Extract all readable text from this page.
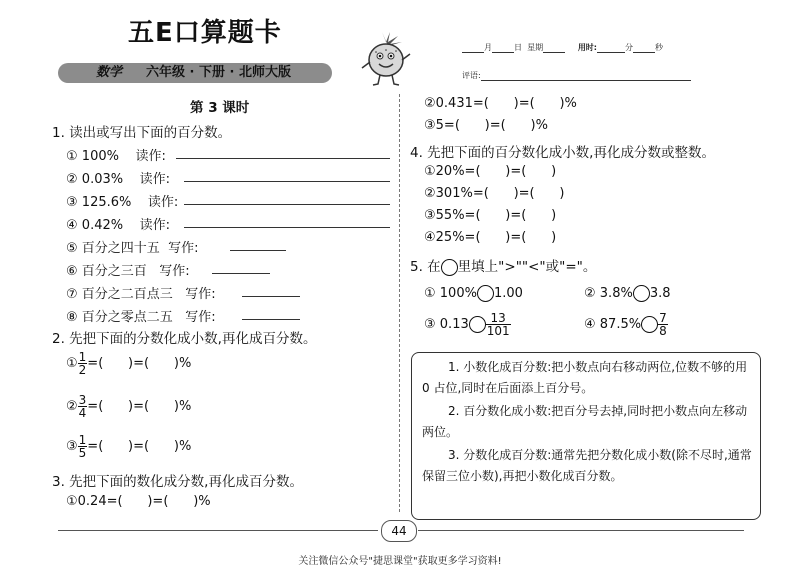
五E口算题卡
数学 六年级 · 下册 · 北师大版
月	日 星期	用时:	分	秒
评语:
第 3 课时
1. 读出或写出下面的百分数。
① 100% 读作:
② 0.03% 读作:
③ 125.6% 读作:
④ 0.42% 读作:
⑤ 百分之四十五 写作:
⑥ 百分之三百 写作:
⑦ 百分之二百点三 写作:
⑧ 百分之零点二五 写作:
2. 先把下面的分数化成小数,再化成百分数。
① $\frac{1}{2}$ =(      )=(      )%
② $\frac{3}{4}$ =(      )=(      )%
③ $\frac{1}{5}$ =(      )=(      )%
3. 先把下面的数化成分数,再化成百分数。
①0.24=(      )=(      )%
②0.431=(      )=(      )%
③5=(      )=(      )%
4. 先把下面的百分数化成小数,再化成分数或整数。
①20%=(      )=(      )
②301%=(      )=(      )
③55%=(      )=(      )
④25%=(      )=(      )
5. 在 里填上">""<"或"="。
① 100% 1.00	② 3.8% 3.8
③ $0.13 \frac{13}{101}$	④ $87.5\% \frac{7}{8}$

1. 小数化成百分数:把小数点向右移动两位,位数不够的用 0 占位,同时在后面添上百分号。

2. 百分数化成小数:把百分号去掉,同时把小数点向左移动两位。

3. 分数化成百分数:通常先把分数化成小数(除不尽时,通常保留三位小数),再把小数化成百分数。

44
关注微信公众号"捷思课堂"获取更多学习资料!
